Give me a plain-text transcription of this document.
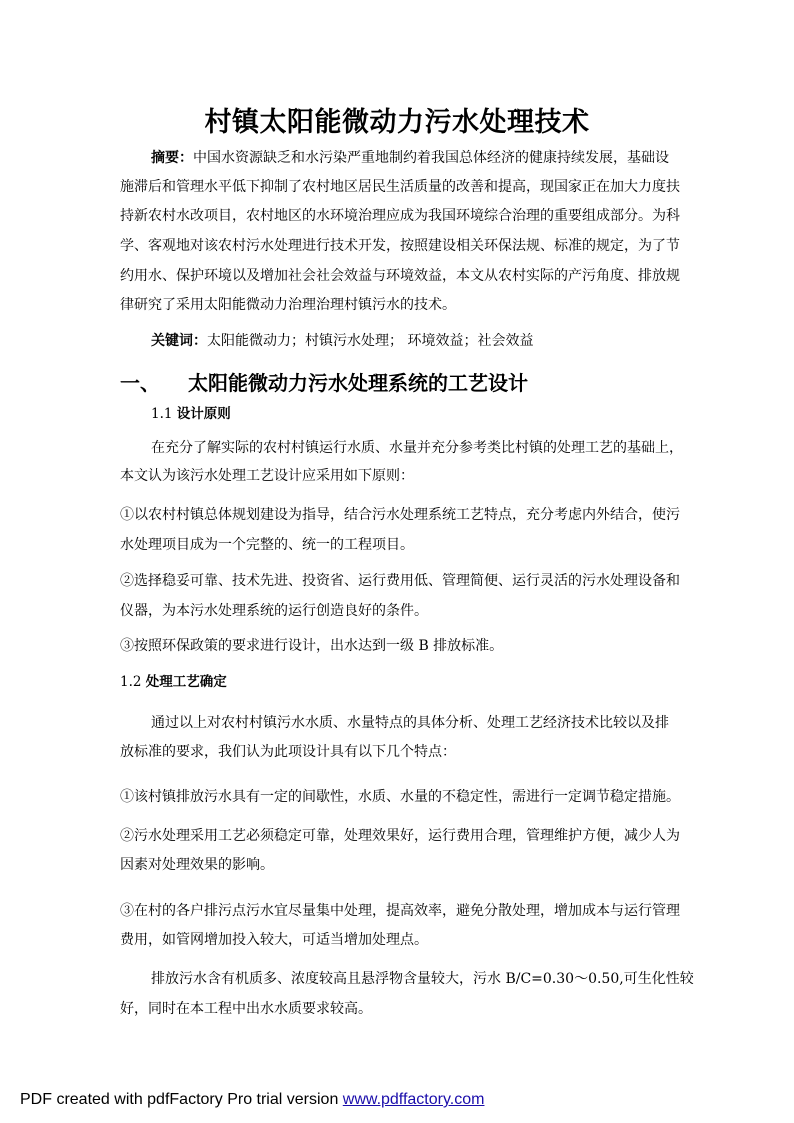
村镇太阳能微动力污水处理技术
摘要：中国水资源缺乏和水污染严重地制约着我国总体经济的健康持续发展，基础设
施滞后和管理水平低下抑制了农村地区居民生活质量的改善和提高，现国家正在加大力度扶
持新农村水改项目，农村地区的水环境治理应成为我国环境综合治理的重要组成部分。为科
学、客观地对该农村污水处理进行技术开发，按照建设相关环保法规、标准的规定，为了节
约用水、保护环境以及增加社会社会效益与环境效益，本文从农村实际的产污角度、排放规
律研究了采用太阳能微动力治理治理村镇污水的技术。
关键词：太阳能微动力；村镇污水处理； 环境效益；社会效益
一、 太阳能微动力污水处理系统的工艺设计
1.1 设计原则
在充分了解实际的农村村镇运行水质、水量并充分参考类比村镇的处理工艺的基础上，
本文认为该污水处理工艺设计应采用如下原则：
①以农村村镇总体规划建设为指导，结合污水处理系统工艺特点，充分考虑内外结合，使污
水处理项目成为一个完整的、统一的工程项目。
②选择稳妥可靠、技术先进、投资省、运行费用低、管理简便、运行灵活的污水处理设备和
仪器，为本污水处理系统的运行创造良好的条件。
③按照环保政策的要求进行设计，出水达到一级 B 排放标准。
1.2 处理工艺确定
通过以上对农村村镇污水水质、水量特点的具体分析、处理工艺经济技术比较以及排
放标准的要求，我们认为此项设计具有以下几个特点：
①该村镇排放污水具有一定的间歇性，水质、水量的不稳定性，需进行一定调节稳定措施。
②污水处理采用工艺必须稳定可靠，处理效果好，运行费用合理，管理维护方便，减少人为
因素对处理效果的影响。
③在村的各户排污点污水宜尽量集中处理，提高效率，避免分散处理，增加成本与运行管理
费用，如管网增加投入较大，可适当增加处理点。
排放污水含有机质多、浓度较高且悬浮物含量较大，污水 B/C=0.30～0.50,可生化性较
好，同时在本工程中出水水质要求较高。
PDF created with pdfFactory Pro trial version www.pdffactory.com
